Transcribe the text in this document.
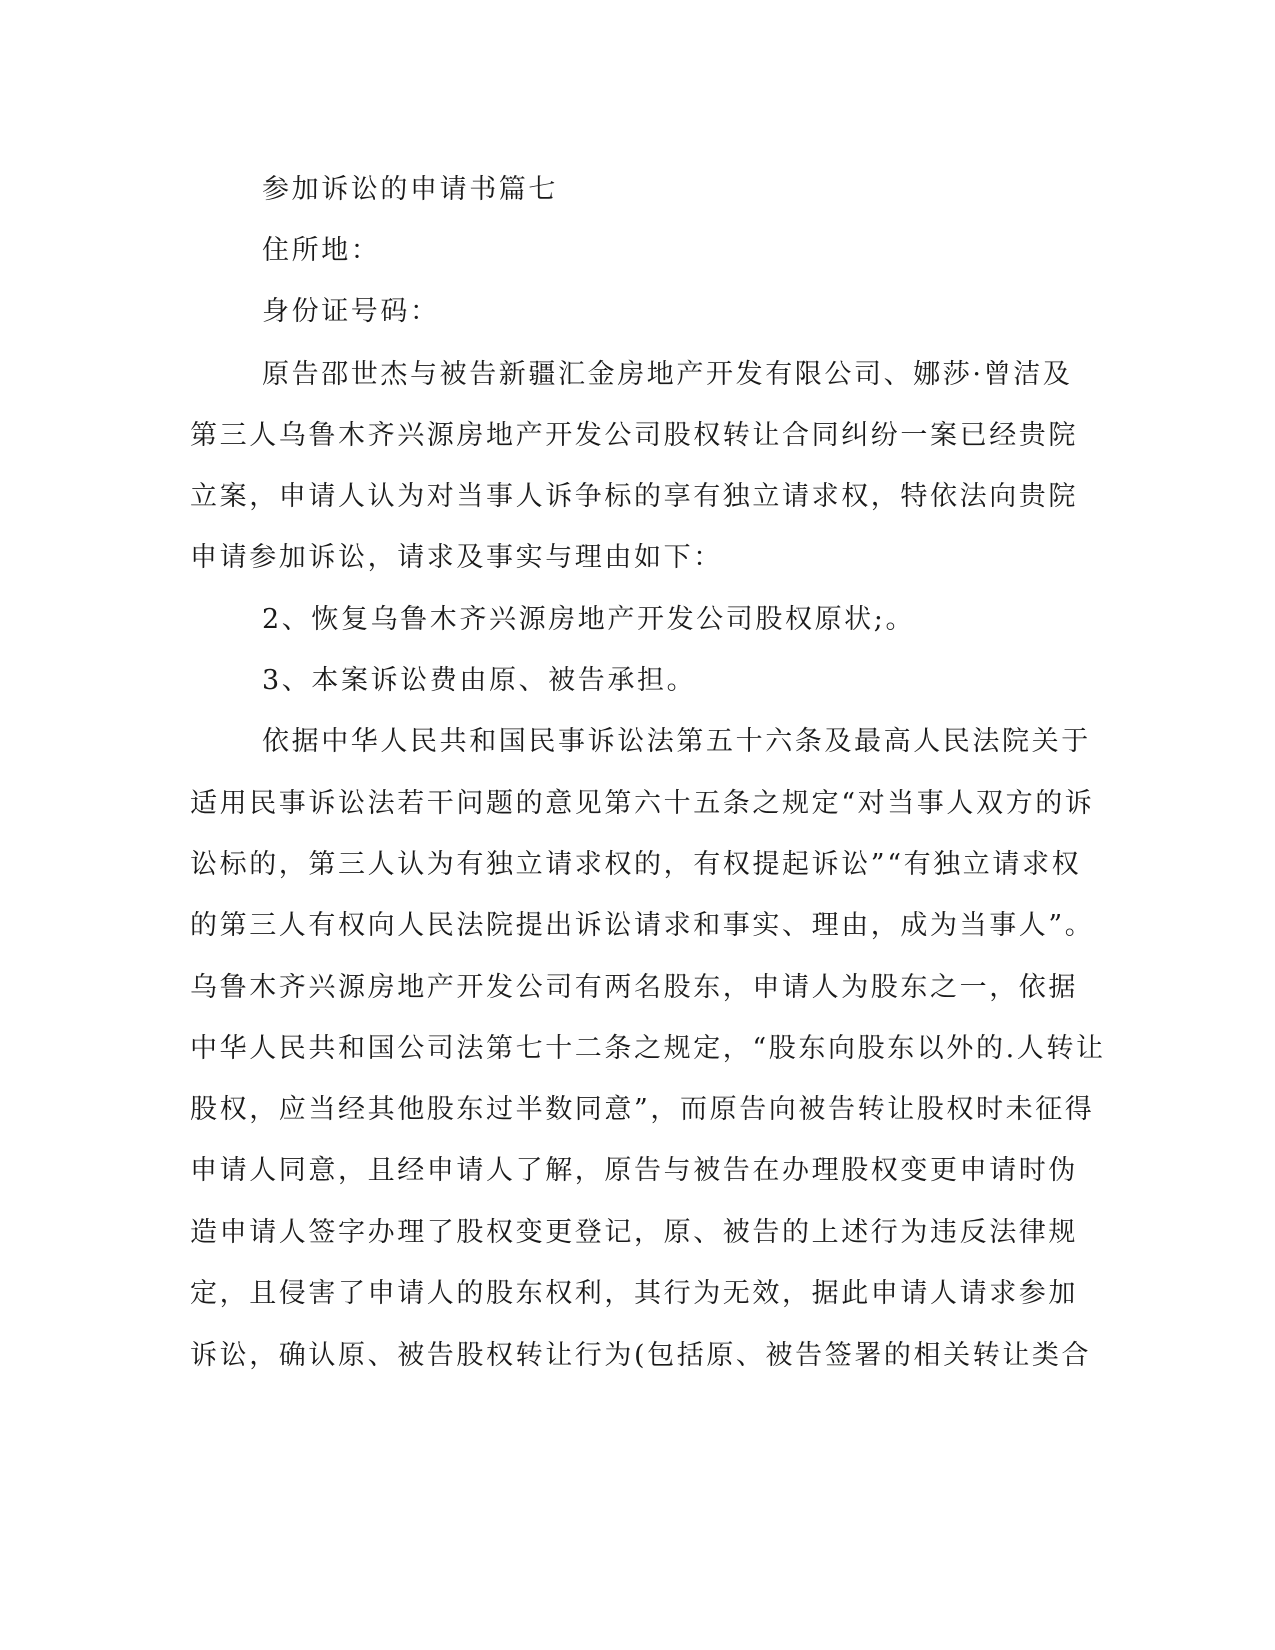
参加诉讼的申请书篇七
住所地：
身份证号码：
原告邵世杰与被告新疆汇金房地产开发有限公司、娜莎·曾洁及
第三人乌鲁木齐兴源房地产开发公司股权转让合同纠纷一案已经贵院
立案，申请人认为对当事人诉争标的享有独立请求权，特依法向贵院
申请参加诉讼，请求及事实与理由如下：
2、恢复乌鲁木齐兴源房地产开发公司股权原状;。
3、本案诉讼费由原、被告承担。
依据中华人民共和国民事诉讼法第五十六条及最高人民法院关于
适用民事诉讼法若干问题的意见第六十五条之规定“对当事人双方的诉
讼标的，第三人认为有独立请求权的，有权提起诉讼”“有独立请求权
的第三人有权向人民法院提出诉讼请求和事实、理由，成为当事人”。
乌鲁木齐兴源房地产开发公司有两名股东，申请人为股东之一，依据
中华人民共和国公司法第七十二条之规定，“股东向股东以外的.人转让
股权，应当经其他股东过半数同意”，而原告向被告转让股权时未征得
申请人同意，且经申请人了解，原告与被告在办理股权变更申请时伪
造申请人签字办理了股权变更登记，原、被告的上述行为违反法律规
定，且侵害了申请人的股东权利，其行为无效，据此申请人请求参加
诉讼，确认原、被告股权转让行为(包括原、被告签署的相关转让类合
